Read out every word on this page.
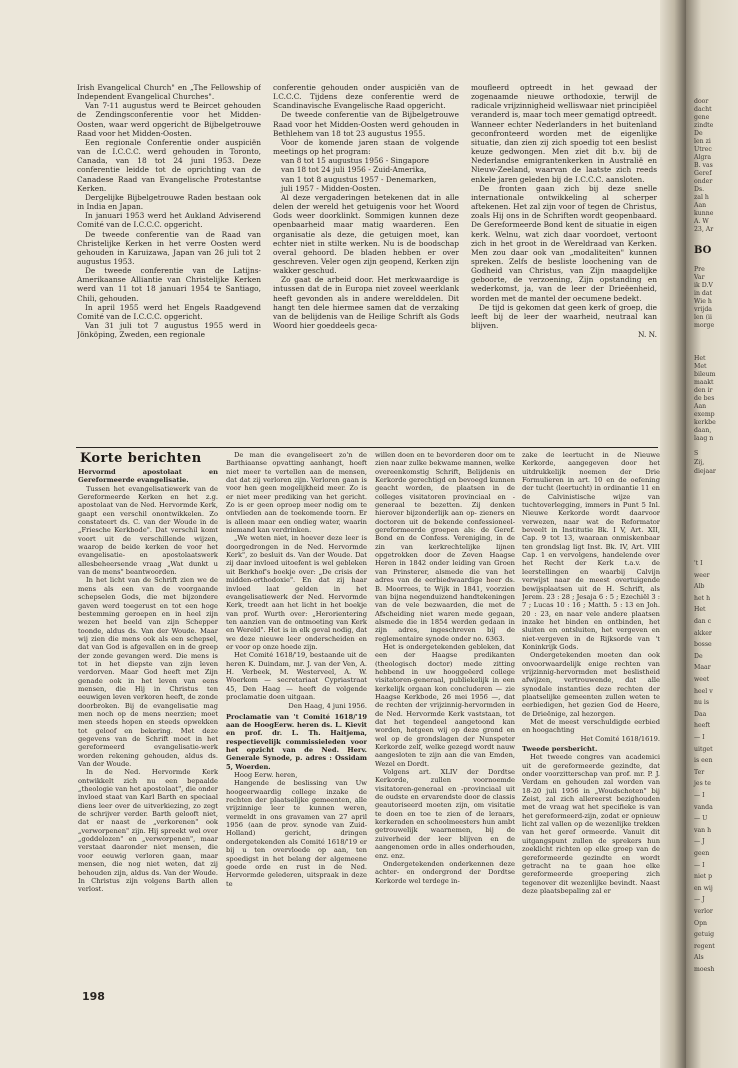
Irish Evangelical Church" en „The Fellowship of Independent Evangelical Churches".

Van 7-11 augustus werd te Beircet gehouden de Zendingsconferentie voor het Midden-Oosten, waar werd opgericht de Bijbelgetrouwe Raad voor het Midden-Oosten.

Een regionale Conferentie onder auspiciën van de I.C.C.C. werd gehouden in Toronto, Canada, van 18 tot 24 juni 1953. Deze conferentie leidde tot de oprichting van de Canadese Raad van Evangelische Protestantse Kerken.

Dergelijke Bijbelgetrouwe Raden bestaan ook in India en Japan.

In januari 1953 werd het Aukland Adviserend Comité van de I.C.C.C. opgericht.

De tweede conferentie van de Raad van Christelijke Kerken in het verre Oosten werd gehouden in Karuizawa, Japan van 26 juli tot 2 augustus 1953.

De tweede conferentie van de Latijns-Amerikaanse Alliantie van Christelijke Kerken werd van 11 tot 18 januari 1954 te Santiago, Chili, gehouden.

In april 1955 werd het Engels Raadgevend Comité van de I.C.C.C. opgericht.

Van 31 juli tot 7 augustus 1955 werd in Jönköping, Zweden, een regionale

conferentie gehouden onder auspiciën van de I.C.C.C. Tijdens deze conferentie werd de Scandinavische Evangelische Raad opgericht.

De tweede conferentie van de Bijbelgetrouwe Raad voor het Midden-Oosten werd gehouden in Bethlehem van 18 tot 23 augustus 1955.

Voor de komende jaren staan de volgende meetings op het program:

van 8 tot 15 augustus 1956 - Singapore

van 18 tot 24 juli 1956 - Zuid-Amerika,

van 1 tot 8 augustus 1957 - Denemarken,

juli 1957 - Midden-Oosten.

Al deze vergaderingen betekenen dat in alle delen der wereld het getuigenis voor het Woord Gods weer doorklinkt. Sommigen kunnen deze openbaarheid maar matig waarderen. Een organisatie als deze, die getuigen moet, kan echter niet in stilte werken. Nu is de boodschap overal gehoord. De bladen hebben er over geschreven. Veler ogen zijn geopend, Kerken zijn wakker geschud.

Zo gaat de arbeid door. Het merkwaardige is intussen dat de in Europa niet zoveel weerklank heeft gevonden als in andere werelddelen. Dit hangt ten dele hiermee samen dat de verzaking van de belijdenis van de Heilige Schrift als Gods Woord hier goeddeels geca-

moufleerd optreedt in het gewaad der zogenaamde nieuwe orthodoxie, terwijl de radicale vrijzinnigheid welliswaar niet principiëel veranderd is, maar toch meer gematigd optreedt. Wanneer echter Nederlanders in het buitenland geconfronteerd worden met de eigenlijke situatie, dan zien zij zich spoedig tot een beslist keuze gedwongen. Men ziet dit b.v. bij de Nederlandse emigrantenkerken in Australië en Nieuw-Zeeland, waarvan de laatste zich reeds enkele jaren geleden bij de I.C.C.C. aansloten.

De fronten gaan zich bij deze snelle internationale ontwikkeling al scherper aftekenen. Het zal zijn voor of tegen de Christus, zoals Hij ons in de Schriften wordt geopenbaard. De Gereformeerde Bond kent de situatie in eigen kerk. Welnu, wat zich daar voordoet, vertoont zich in het groot in de Wereldraad van Kerken. Men zou daar ook van „modaliteiten" kunnen spreken. Zelfs de besliste loochening van de Godheid van Christus, van Zijn maagdelijke geboorte, de verzoening, Zijn opstanding en wederkomst, ja, van de leer der Drieëenheid, worden met de mantel der oecumene bedekt.

De tijd is gekomen dat geen kerk of groep, die leeft bij de leer der waarheid, neutraal kan blijven.

N. N.

Korte berichten

Hervormd apostolaat en Gereformeerde evangelisatie.

Tussen het evangelisatiewerk van de Gereformeerde Kerken en het z.g. apostolaat van de Ned. Hervormde Kerk, gaapt een verschil onontwikkelen. Zo constateert ds. C. van der Woude in de „Friesche Kerkbode". Dat verschil komt voort uit de verschillende wijzen, waarop de beide kerken de voor het evangelisatie- en apostolaatswerk allesbeheersende vraag „Wat dunkt u van de mens" beantwoorden.

In het licht van de Schrift zien we de mens als een van de voorgaande schepselen Gods, die met bijzondere gaven werd toegerust en tot een hoge bestemming geroepen en in heel zijn wezen het beeld van zijn Schepper toonde, aldus ds. Van der Woude. Maar wij zien die mens ook als een schepsel, dat van God is afgevallen en in de greep der zonde gevangen werd. Die mens is tot in het diepste van zijn leven verdorven. Maar God heeft met Zijn genade ook in het leven van eens mensen, die Hij in Christus ten eeuwigen leven verkoren heeft, de zonde doorbroken. Bij de evangelisatie mag men noch op de mens neerzien; moet men steeds hopen en steeds opwekken tot geloof en bekering. Met deze gegevens van de Schrift moet in het gereformeerd evangelisatie-werk worden rekening gehouden, aldus ds. Van der Woude.

In de Ned. Hervormde Kerk ontwikkelt zich nu een bepaalde „theologie van het apostolaat", die onder invloed staat van Karl Barth en speciaal diens leer over de uitverkiezing, zo zegt de schrijver verder. Barth gelooft niet, dat er naast de „verkorenen" ook „verworpenen" zijn. Hij spreekt wel over „goddelozen" en „verworpenen", maar verstaat daaronder niet mensen, die voor eeuwig verloren gaan, maar mensen, die nog niet weten, dat zij behouden zijn, aldus ds. Van der Woude. In Christus zijn volgens Barth allen verlost.

De man die evangeliseert zo'n de Barthiaanse opvatting aanhangt, hoeft niet meer te vertellen aan de mensen, dat dat zij verloren zijn. Verloren gaan is voor hen geen mogelijkheid meer. Zo is er niet meer prediking van het gericht. Zo is er geen oproep meer nodig om te ontvlieden aan de toekomende toorn. Er is alleen maar een ondieg water, waarin niemand kan verdrinken.

„We weten niet, in hoever deze leer is doorgedrongen in de Ned. Hervormde Kerk", zo besluit ds. Van der Woude. Dat zij daar invloed uitoefent is wel gebleken uit Berkhof's boekje over: „De crisis der midden-orthodoxie". En dat zij haar invloed laat gelden in het evangelisatiewerk der Ned. Hervormde Kerk, treedt aan het licht in het boekje van prof. Wurth over: „Herorientering ten aanzien van de ontmoeting van Kerk en Wereld". Het is in elk geval nodig, dat we deze nieuwe leer onderscheiden en er voor op onze hoede zijn.

Het Comité 1618/'19, bestaande uit de heren K. Duindam, mr. J. van der Ven, A. H. Verbeek, M. Westerveel, A. W. Woerkom — secretariaat Cypriastraat 45, Den Haag — heeft de volgende proclamatie doen uitgaan.

Den Haag, 4 juni 1956.

Proclamatie van 't Comité 1618/'19 aan de HoogEerw. heren ds. L. Kievit en prof. dr. L. Th. Haitjema, respectievelijk commissieleden voor het opzicht van de Ned. Herv. Generale Synode, p. adres : Ossidam 5, Woerden.

Hoog Eerw. heren,

Hangende de beslissing van Uw hoogeerwaardig college inzake de rechten der plaatselijke gemeenten, alle vrijzinnige leer te kunnen weren, vermeldt in ons gravamen van 27 april 1956 (aan de prov. synode van Zuid-Holland) gericht, dringen ondergetekenden als Comité 1618/'19 er bij u ten overvloede op aan, ten spoedigst in het belang der algemeene goede orde en rust in de Ned. Hervormde gelederen, uitspraak in deze te

willen doen en te bevorderen door om te zien naar zulke bekwame mannen, welke overeenkomstig Schrift, Belijdenis en Kerkorde gerechtigd en bevoegd kunnen geacht worden, de plaatsen in de colleges visitatoren provinciaal en -generaal te bezetten. Zij denken hierover bijzonderlijk aan op- zieners en doctoren uit de bekende confessioneel-gereformeerde groepen als: de Geref. Bond en de Confess. Vereniging, in de zin van kerkrechtelijke lijnen opgetrokken door de Zeven Haagse Heren in 1842 onder leiding van Groen van Prinsterer, alsmede die van het adres van de eerbiedwaardige heer ds. B. Moorrees, te Wijk in 1841, voorzien van bijna negenduizend handtekeningen van de vele bezwaarden, die met de Afscheiding niet waren mede gegaan, alsmede die in 1854 werden gedaan in zijn adres, ingeschreven bij de reglementaire synode onder no. 6363.

Het is ondergetekenden gebleken, dat een der Haagse predikanten (theologisch doctor) mede zitting hebbend in uw hooggeëerd college visitatoren-generaal, publiekelijk in een kerkelijk orgaan kon concluderen — zie Haagse Kerkbode, 26 mei 1956 —, dat de rechten der vrijzinnig-hervormden in de Ned. Hervormde Kerk vaststaan, tot dat het tegendeel aangetoond kan worden, hetgeen wij op deze grond en wel op de grondslagen der Nunspeter Kerkorde zelf, welke gezegd wordt nauw aangesloten te zijn aan die van Emden, Wezel en Dordt.

Volgens art. XLIV der Dordtse Kerkorde, zullen voornoemde visitatoren-generaal en -provinciaal uit de oudste en ervarendste door de classis geautoriseerd moeten zijn, om visitatie te doen en toe te zien of de leraars, kerkeraden en schoolmeesters hun ambt getrouwelijk waarnemen, bij de zuiverheid der leer blijven en de aangenomen orde in alles onderhouden, enz. enz.

Ondergetekenden onderkennen deze achter- en ondergrond der Dordtse Kerkorde wel terdege in-

zake de leertucht in de Nieuwe Kerkorde, aangegeven door het uitdrukkelijk noemen der Drie Formulieren in art. 10 en de oefening der tucht (leertucht) in ordinantie 11 en de Calvinistische wijze van tuchtoverlegging, immers in Punt 5 Inl. Nieuwe Kerkorde wordt daarvoor verwezen, naar wat de Reformator beveelt in Institutie Bk. I V, Art. XII, Cap. 9 tot 13, waaraan onmiskenbaar ten grondslag ligt Inst. Bk. IV, Art. VIII Cap. 1 en vervolgens, handelende over het Recht der Kerk t.a.v. de leerstellingen en waarbij Calvijn verwijst naar de meest overtuigende bewijsplaatsen uit de H. Schrift, als Jerem. 23 : 28 ; Jesaja 6 : 5 ; Ezechiël 3 : 7 ; Lucas 10 : 16 ; Matth. 5 : 13 en Joh. 20 : 23, en naar vele andere plaatsen inzake het binden en ontbinden, het sluiten en ontsluiten, het vergeven en niet-vergeven in de Rijksorde van 't Koninkrijk Gods.

Ondergetekenden moeten dan ook onvoorwaardelijk enige rechten van vrijzinnig-hervormden met beslistheid afwijzen, vertrouwende, dat alle synodale instanties deze rechten der plaatselijke gemeenten zullen weten te eerbiedigen, het gezien God de Heere, de Drieënige, zal hezorgen.

Met de meest verschuldigde eerbied en hoogachting

Het Comité 1618/1619.

Tweede persbericht.

Het tweede congres van academici uit de gereformeerde gezindte, dat onder voorzitterschap van prof. mr. P. J. Verdam en gehouden zal worden van 18-20 juli 1956 in „Woudschoten" bij Zeist, zal zich allereerst bezighouden met de vraag wat het specifieke is van het gereformeerd-zijn, zodat er opnieuw licht zal vallen op de wezenlijke trekken van het geref ormeerde. Vanuit dit uitgangspunt zullen de sprekers hun zoeklicht richten op elke groep van de gereformeerde gezindte en wordt getracht na te gaan hoe elke gereformeerde groepering zich tegenover dit wezenlijke bevindt. Naast deze plaatsbepaling zal er

198
door
dacht
gene
zindte
De
len zi
Utrec
Algra
B. vas
Geref
onder
Ds.
zal h
Aan
kunne
A. W
23, Ar
BO
Pre
Var
ik D.V
in dat
Wie h
vrijda
len (ii
morge
Het
Met
bileum
maakt
den ir
de bes
Aan
exemp
kerkbe
daan,
laag n
S
Zij,
diejaar
't I
weer
Alb
het h
Het
dan c
akker
bosse
De
Maar
weet
heel v
nu is
Daa
heeft
— I
uitget
is een
Ter
jes te
— I
vanda
— U
van h
— J
geen
— I
niet p
en wij
— J
verlor
Opn
getuig
regent
Als
moesh
